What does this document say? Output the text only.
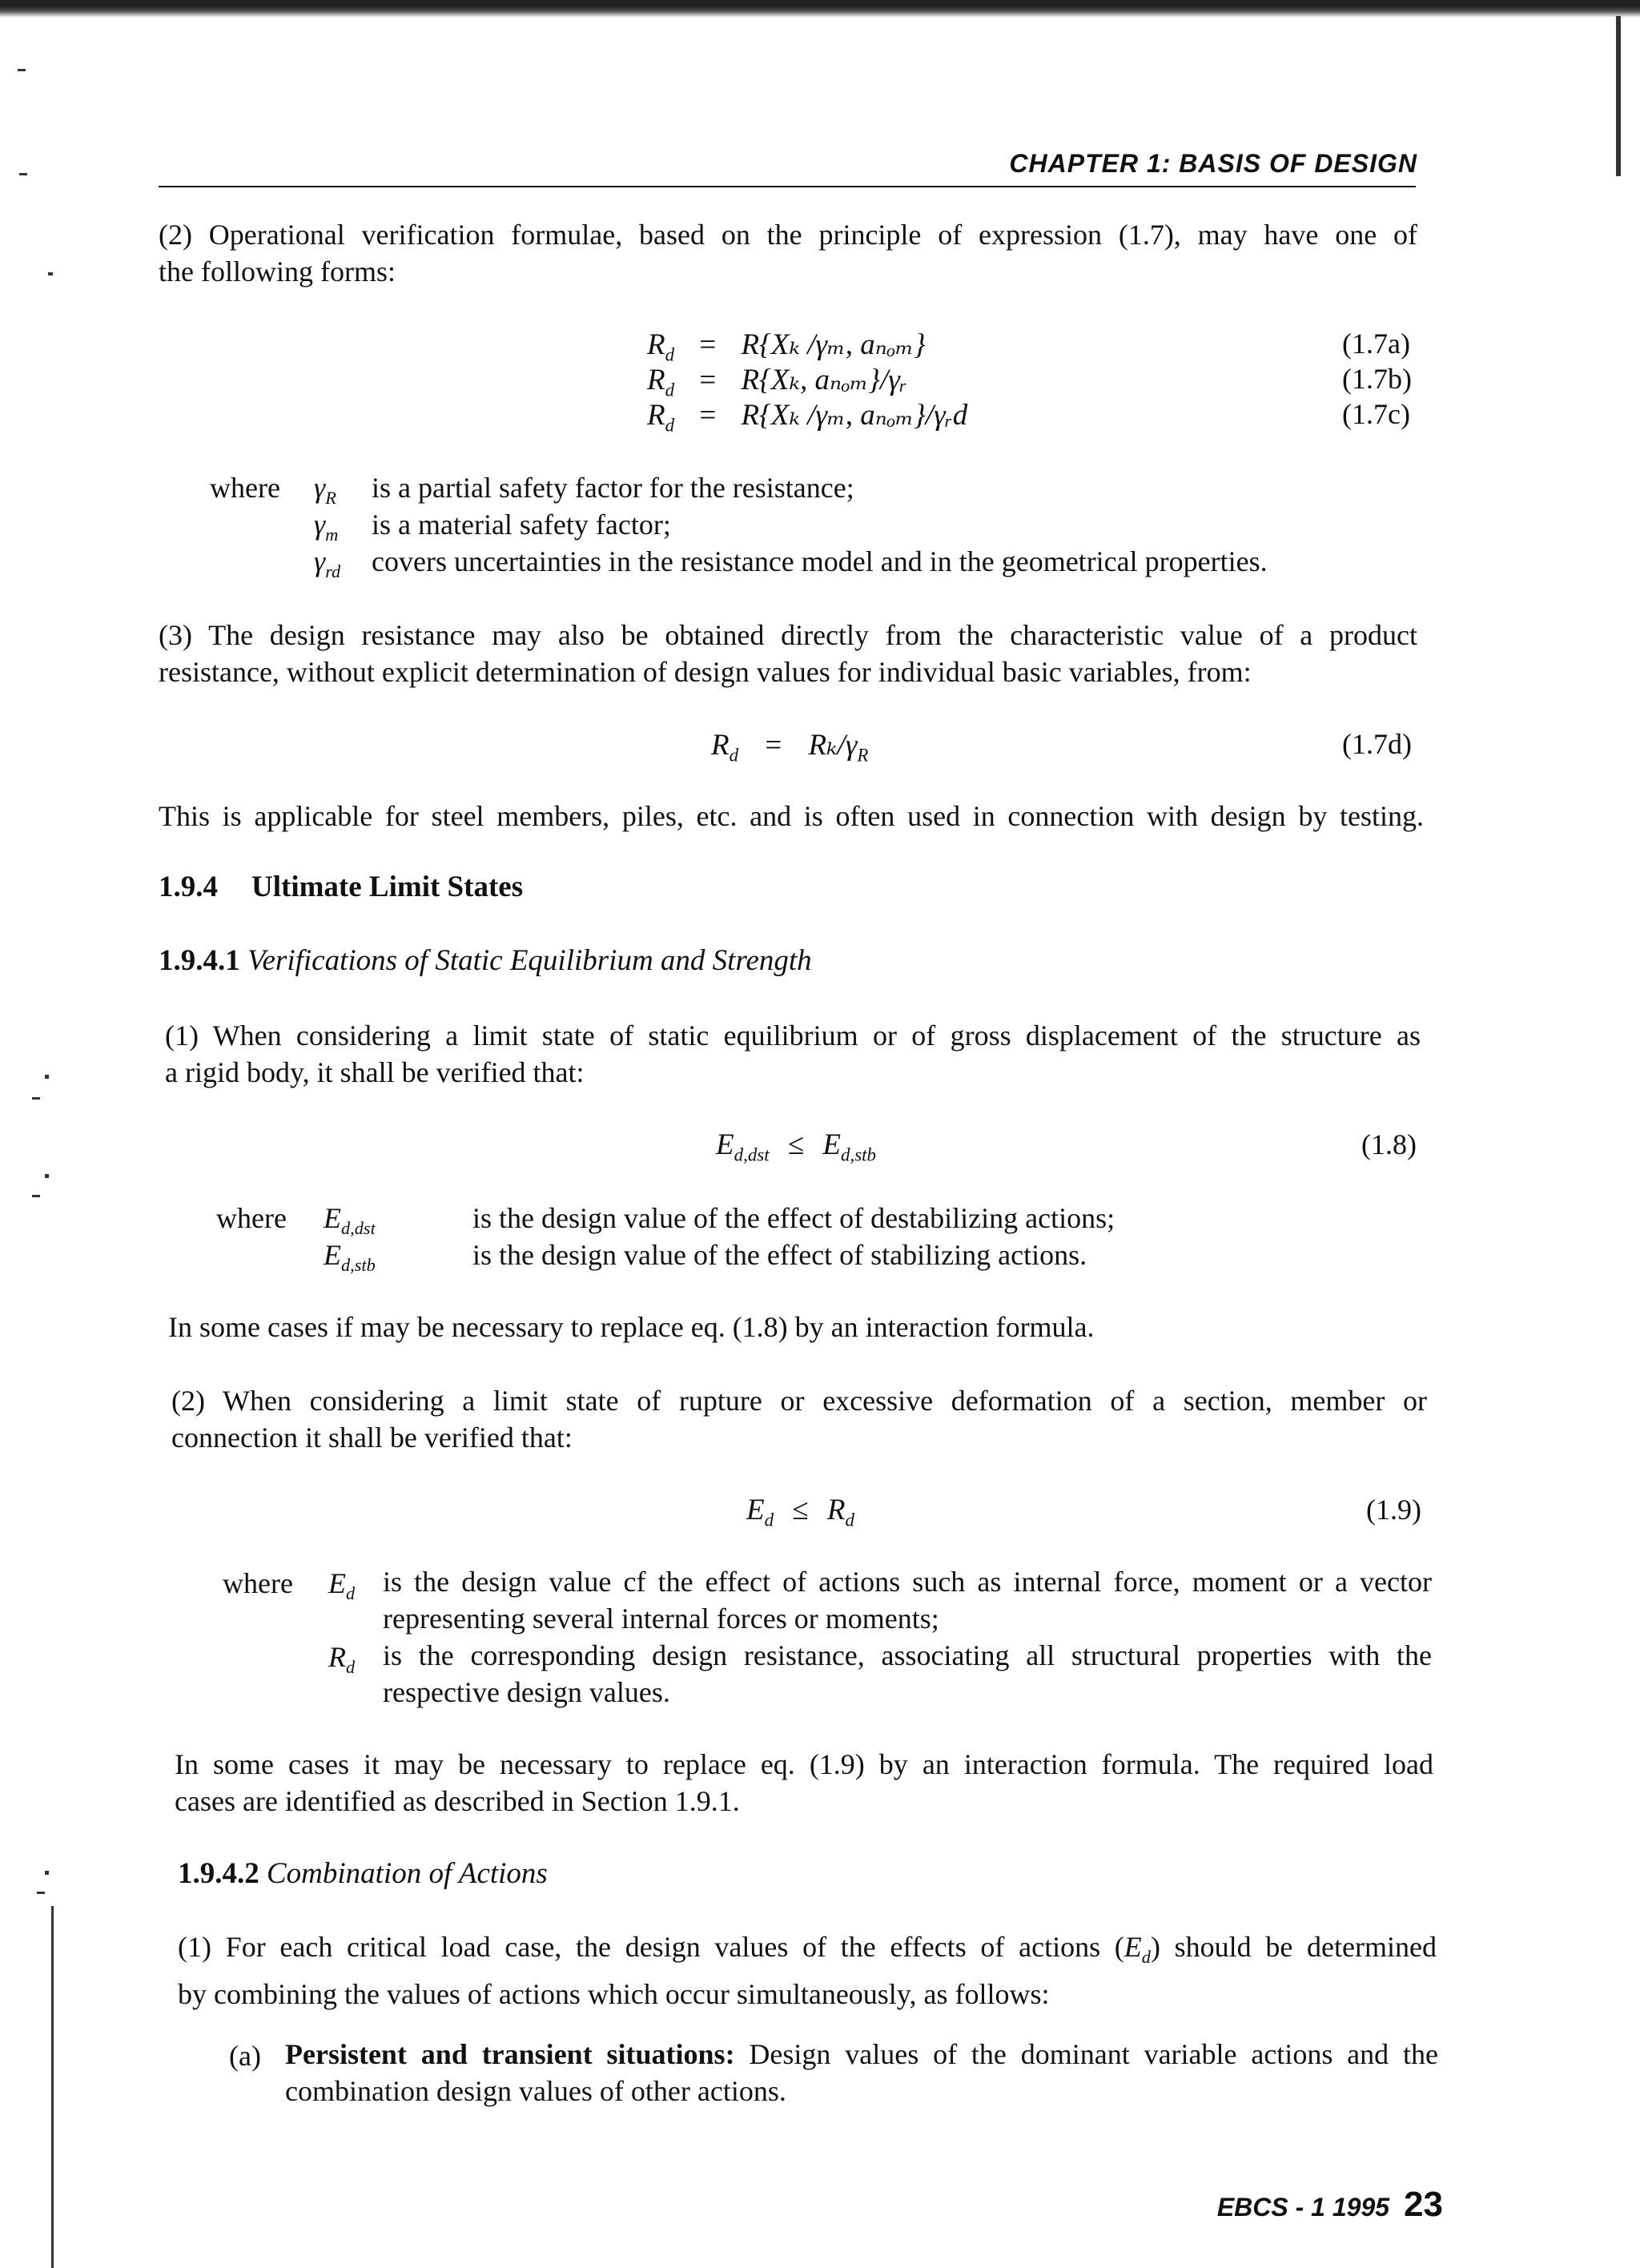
CHAPTER 1: BASIS OF DESIGN
(2) Operational verification formulae, based on the principle of expression (1.7), may have one of
the following forms:
$R_d = R\{X_k$ /γₘ, aₙₒₘ}	(1.7a)
$R_d = R\{X_k$, aₙₒₘ}/γᵣ	(1.7b)
$R_d = R\{X_k$ /γₘ, aₙₒₘ}/γᵣd	(1.7c)
where $\gamma_R$ is a partial safety factor for the resistance;
$\gamma_m$ is a material safety factor;
$\gamma_{rd}$ covers uncertainties in the resistance model and in the geometrical properties.
(3) The design resistance may also be obtained directly from the characteristic value of a product
resistance, without explicit determination of design values for individual basic variables, from:
$R_d = R_k/\gamma_R$	(1.7d)
This is applicable for steel members, piles, etc. and is often used in connection with design by testing.
1.9.4 Ultimate Limit States
1.9.4.1 Verifications of Static Equilibrium and Strength
(1) When considering a limit state of static equilibrium or of gross displacement of the structure as
a rigid body, it shall be verified that:
$E_{d,dst} \le E_{d,stb}$	(1.8)
where $E_{d,dst}$	is the design value of the effect of destabilizing actions;
$E_{d,stb}$	is the design value of the effect of stabilizing actions.
In some cases if may be necessary to replace eq. (1.8) by an interaction formula.
(2) When considering a limit state of rupture or excessive deformation of a section, member or
connection it shall be verified that:
$E_d \le R_d$	(1.9)
where $E_d$ is the design value cf the effect of actions such as internal force, moment or a vector
representing several internal forces or moments;
$R_d$ is the corresponding design resistance, associating all structural properties with the
respective design values.
In some cases it may be necessary to replace eq. (1.9) by an interaction formula. The required load
cases are identified as described in Section 1.9.1.
1.9.4.2 Combination of Actions
(1) For each critical load case, the design values of the effects of actions $(E_d)$ should be determined
by combining the values of actions which occur simultaneously, as follows:
(a) Persistent and transient situations: Design values of the dominant variable actions and the
combination design values of other actions.
EBCS - 1 1995 23
